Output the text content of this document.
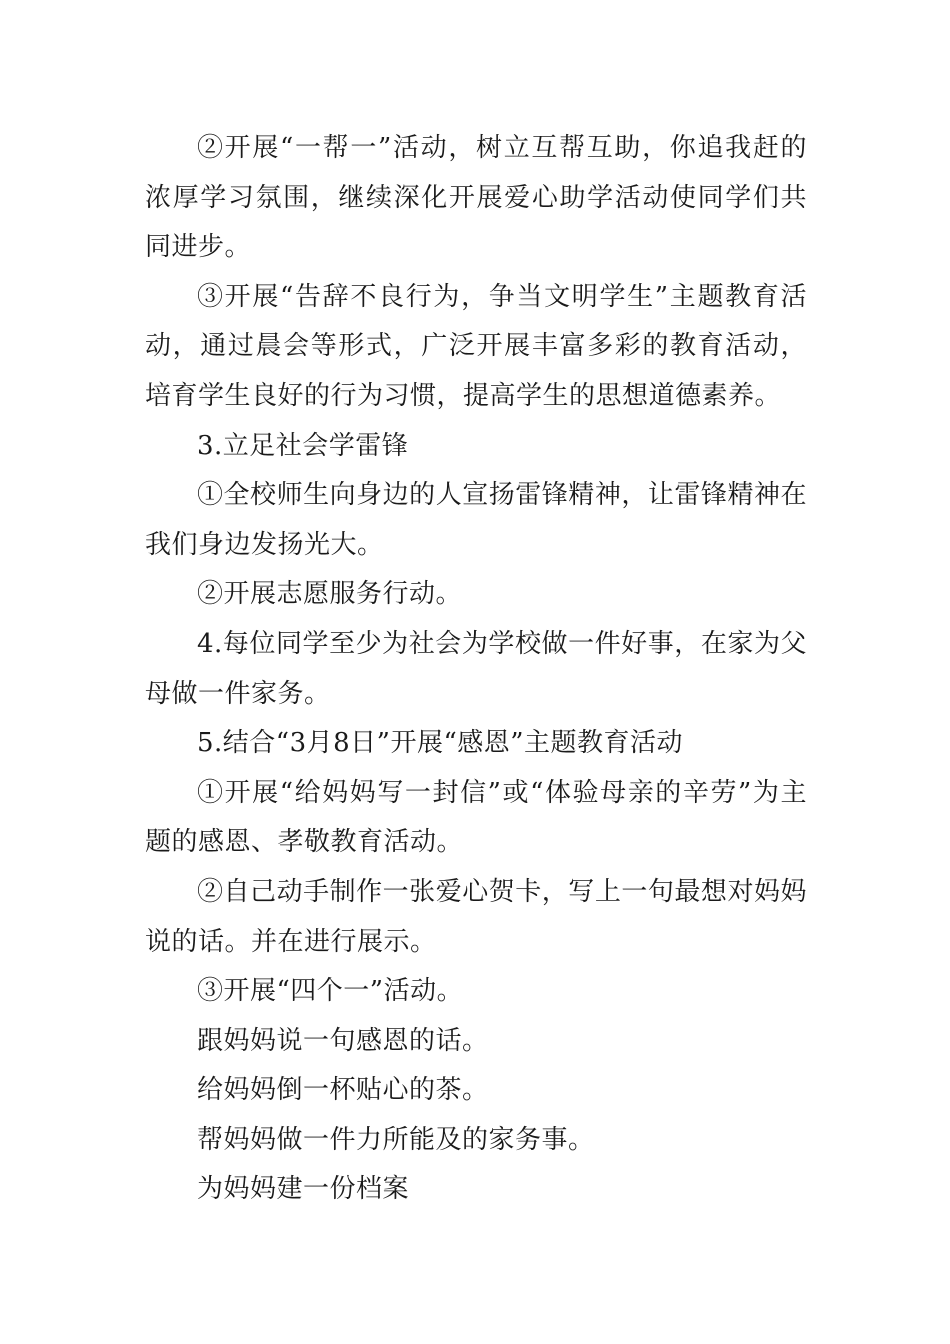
②开展“一帮一”活动，树立互帮互助，你追我赶的浓厚学习氛围，继续深化开展爱心助学活动使同学们共同进步。

③开展“告辞不良行为，争当文明学生”主题教育活动，通过晨会等形式，广泛开展丰富多彩的教育活动，培育学生良好的行为习惯，提高学生的思想道德素养。

3.立足社会学雷锋

①全校师生向身边的人宣扬雷锋精神，让雷锋精神在我们身边发扬光大。

②开展志愿服务行动。

4.每位同学至少为社会为学校做一件好事，在家为父母做一件家务。

5.结合“3月8日”开展“感恩”主题教育活动

①开展“给妈妈写一封信”或“体验母亲的辛劳”为主题的感恩、孝敬教育活动。

②自己动手制作一张爱心贺卡，写上一句最想对妈妈说的话。并在进行展示。

③开展“四个一”活动。

跟妈妈说一句感恩的话。

给妈妈倒一杯贴心的茶。

帮妈妈做一件力所能及的家务事。

为妈妈建一份档案
